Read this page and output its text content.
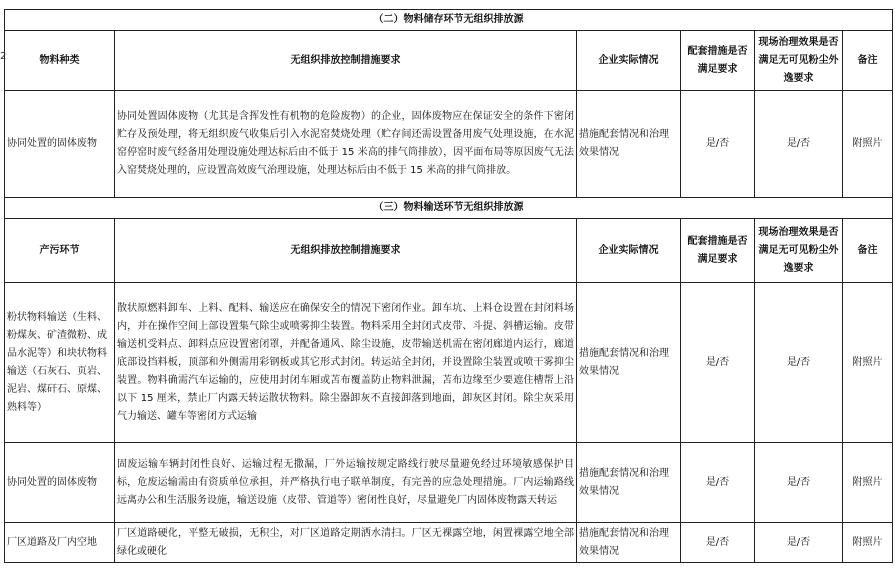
2
（二）物料储存环节无组织排放源					
物料种类	无组织排放控制措施要求	企业实际情况	配套措施是否满足要求	现场治理效果是否满足无可见粉尘外逸要求	备注
协同处置的固体废物	协同处置固体废物（尤其是含挥发性有机物的危险废物）的企业，固体废物应在保证安全的条件下密闭贮存及预处理，将无组织废气收集后引入水泥窑焚烧处理（贮存间还需设置备用废气处理设施，在水泥窑停窑时废气经备用处理设施处理达标后由不低于 15 米高的排气筒排放），因平面布局等原因废气无法入窑焚烧处理的，应设置高效废气治理设施，处理达标后由不低于 15 米高的排气筒排放。	措施配套情况和治理效果情况	是/否	是/否	附照片
（三）物料输送环节无组织排放源					
产污环节	无组织排放控制措施要求	企业实际情况	配套措施是否满足要求	现场治理效果是否满足无可见粉尘外逸要求	备注
粉状物料输送（生料、粉煤灰、矿渣微粉、成品水泥等）和块状物料输送（石灰石、页岩、泥岩、煤矸石、原煤、熟料等）	散状原燃料卸车、上料、配料、输送应在确保安全的情况下密闭作业。卸车坑、上料仓设置在封闭料场内，并在操作空间上部设置集气除尘或喷雾抑尘装置。物料采用全封闭式皮带、斗提、斜槽运输。皮带输送机受料点、卸料点应设置密闭罩，并配备通风、除尘设施，皮带输送机需在密闭廊道内运行，廊道底部设挡料板，顶部和外侧需用彩钢板或其它形式封闭。转运站全封闭，并设置除尘装置或喷干雾抑尘装置。物料确需汽车运输的，应使用封闭车厢或苫布覆盖防止物料泄漏，苫布边缘至少要遮住槽帮上沿以下 15 厘米，禁止厂内露天转运散状物料。除尘器卸灰不直接卸落到地面，卸灰区封闭。除尘灰采用气力输送、罐车等密闭方式运输	措施配套情况和治理效果情况	是/否	是/否	附照片
协同处置的固体废物	固废运输车辆封闭性良好、运输过程无撒漏，厂外运输按规定路线行驶尽量避免经过环境敏感保护目标，危废运输需由有资质单位承担，并严格执行电子联单制度，有完善的应急处理措施。厂内运输路线远离办公和生活服务设施，输送设施（皮带、管道等）密闭性良好，尽量避免厂内固体废物露天转运	措施配套情况和治理效果情况	是/否	是/否	附照片
厂区道路及厂内空地	厂区道路硬化，平整无破损，无积尘，对厂区道路定期洒水清扫。厂区无裸露空地，闲置裸露空地全部绿化或硬化	措施配套情况和治理效果情况	是/否	是/否	附照片
